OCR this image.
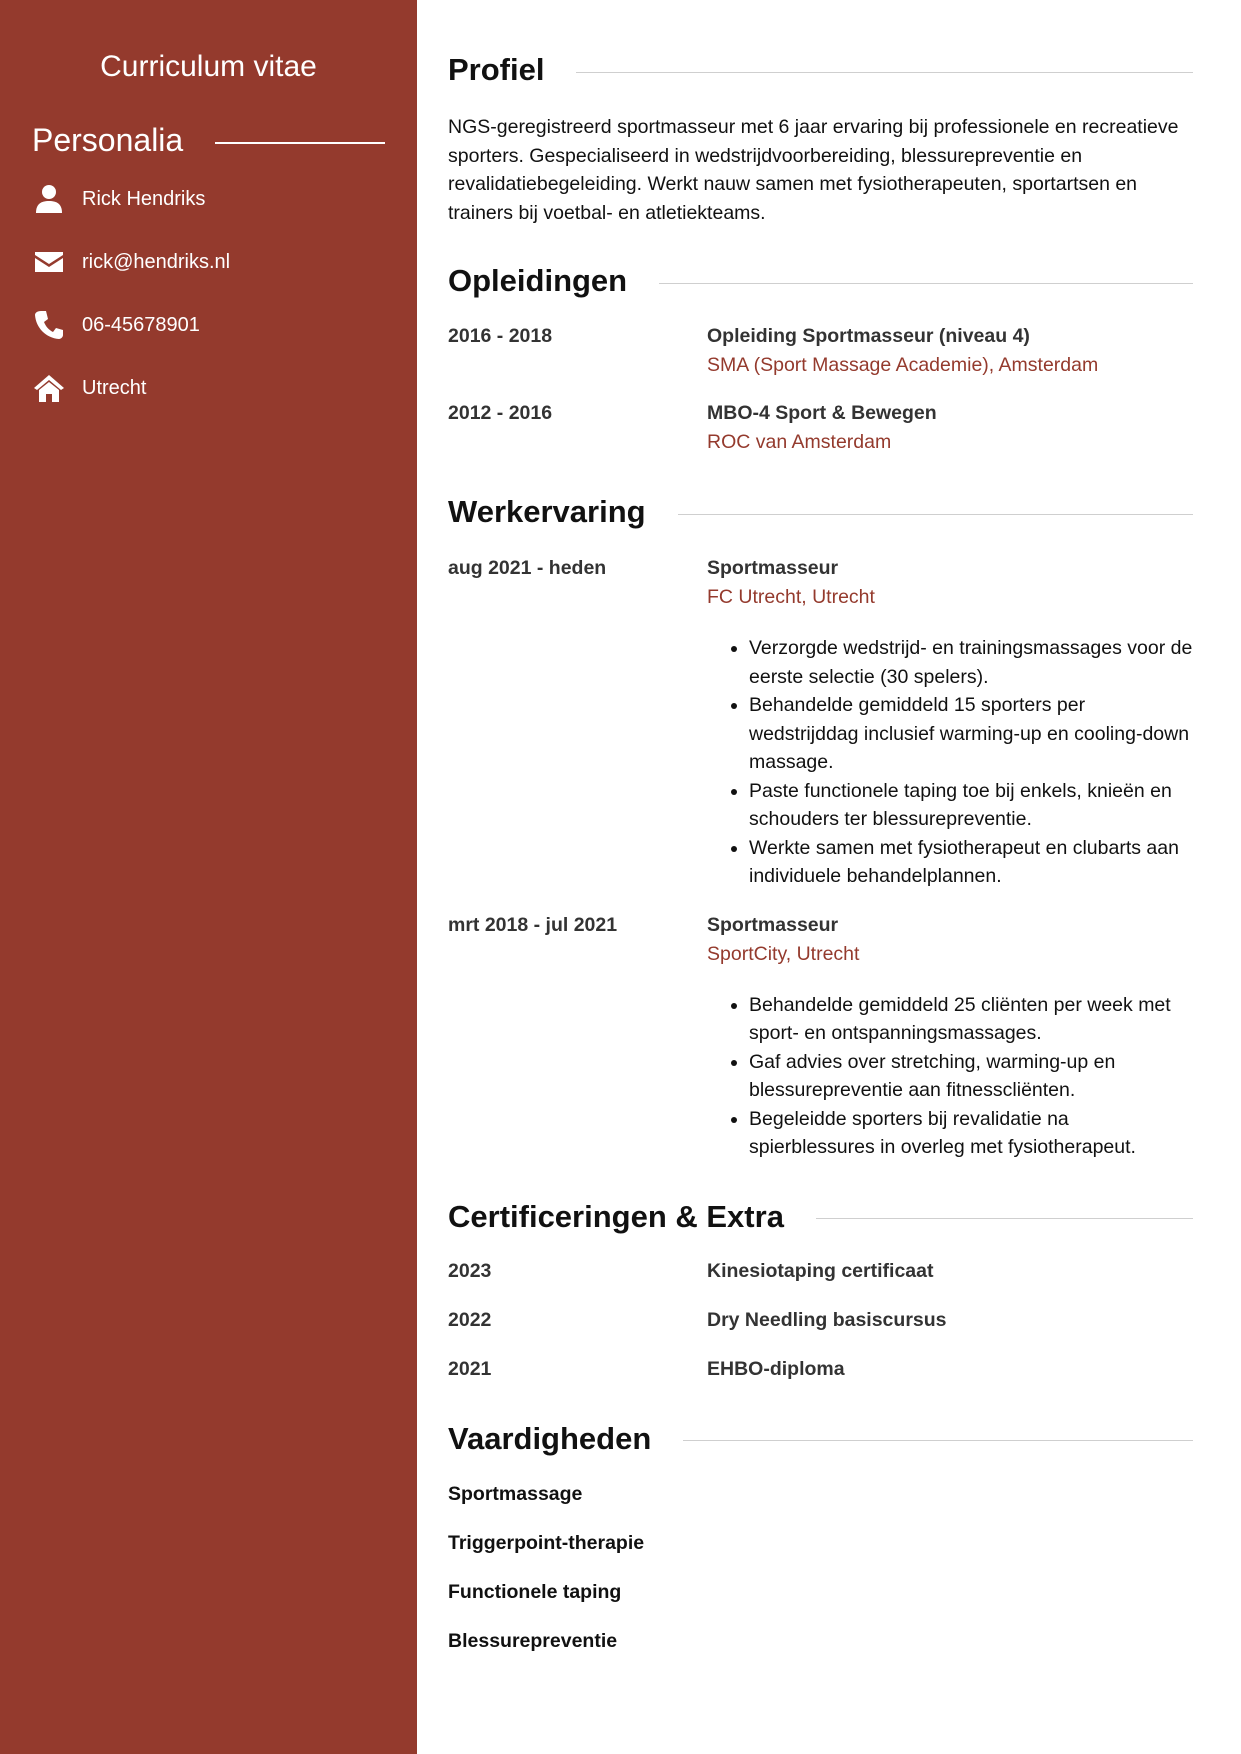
Curriculum vitae
Personalia
Rick Hendriks
rick@hendriks.nl
06-45678901
Utrecht
Profiel

NGS-geregistreerd sportmasseur met 6 jaar ervaring bij professionele en recreatieve sporters. Gespecialiseerd in wedstrijdvoorbereiding, blessurepreventie en revalidatiebegeleiding. Werkt nauw samen met fysiotherapeuten, sportartsen en trainers bij voetbal- en atletiekteams.

Opleidingen
2016 - 2018	Opleiding Sportmasseur (niveau 4)
SMA (Sport Massage Academie), Amsterdam
2012 - 2016	MBO-4 Sport & Bewegen
ROC van Amsterdam
Werkervaring
aug 2021 - heden	Sportmasseur
FC Utrecht, Utrecht
• Verzorgde wedstrijd- en trainingsmassages voor de eerste selectie (30 spelers).
• Behandelde gemiddeld 15 sporters per wedstrijddag inclusief warming-up en cooling-down massage.
• Paste functionele taping toe bij enkels, knieën en schouders ter blessurepreventie.
• Werkte samen met fysiotherapeut en clubarts aan individuele behandelplannen.
mrt 2018 - jul 2021	Sportmasseur
SportCity, Utrecht
• Behandelde gemiddeld 25 cliënten per week met sport- en ontspanningsmassages.
• Gaf advies over stretching, warming-up en blessurepreventie aan fitnesscliënten.
• Begeleidde sporters bij revalidatie na spierblessures in overleg met fysiotherapeut.
Certificeringen & Extra
2023	Kinesiotaping certificaat
2022	Dry Needling basiscursus
2021	EHBO-diploma
Vaardigheden
Sportmassage
Triggerpoint-therapie
Functionele taping
Blessurepreventie
